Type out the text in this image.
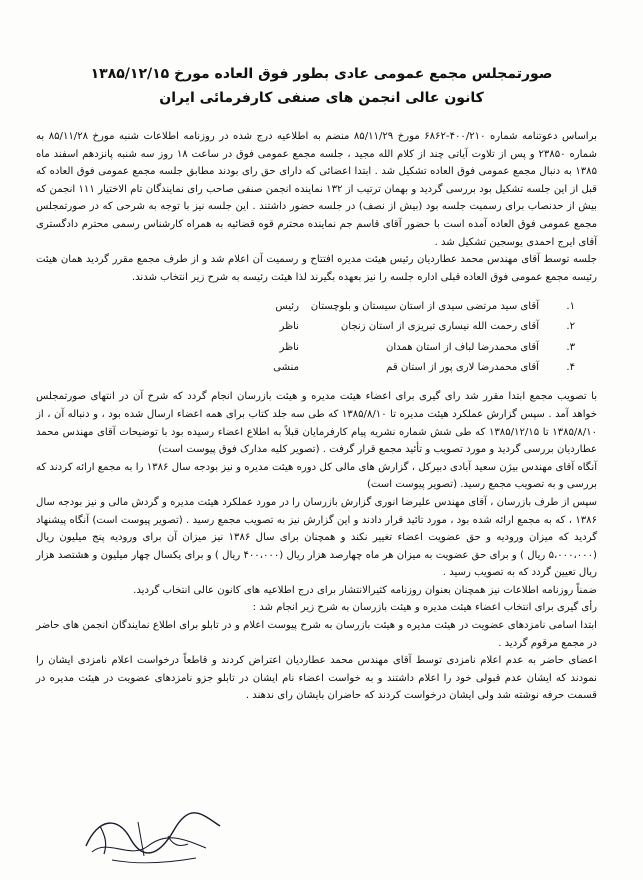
صورتمجلس مجمع عمومی عادی بطور فوق العاده مورخ ۱۳۸۵/۱۲/۱۵
کانون عالی انجمن های صنفی کارفرمائی ایران

براساس دعوتنامه شماره ۴۰۰/۲۱۰-۶۸۶۲ مورخ ۸۵/۱۱/۲۹ منضم به اطلاعیه درج شده در روزنامه اطلاعات شنبه مورخ ۸۵/۱۱/۲۸ به شماره ۲۳۸۵۰ و پس از تلاوت آیاتی چند از کلام الله مجید ، جلسه مجمع عمومی فوق در ساعت ۱۸ روز سه شنبه پانزدهم اسفند ماه ۱۳۸۵ به دنبال مجمع عمومی فوق العاده تشکیل شد . ابتدا اعضائی که دارای حق رای بودند مطابق جلسه مجمع عمومی فوق العاده که قبل از این جلسه تشکیل بود بررسی گردید و بهمان ترتیب از ۱۳۲ نماینده انجمن صنفی صاحب رای نمایندگان تام الاختیار ۱۱۱ انجمن که بیش از حدنصاب برای رسمیت جلسه بود (بیش از نصف) در جلسه حضور داشتند . این جلسه نیز با توجه به شرحی که در صورتمجلس مجمع عمومی فوق العاده آمده است با حضور آقای قاسم جم نماینده محترم قوه قضائیه به همراه کارشناس رسمی محترم دادگستری آقای ایرج احمدی یوسجین تشکیل شد .

جلسه توسط آقای مهندس محمد عطاردیان رئیس هیئت مدیره افتتاح و رسمیت آن اعلام شد و از طرف مجمع مقرر گردید همان هیئت رئیسه مجمع عمومی فوق العاده قبلی اداره جلسه را نیز بعهده بگیرند لذا هیئت رئیسه به شرح زیر انتخاب شدند.

۱.
آقای سید مرتضی سیدی از استان سیستان و بلوچستان
رئیس
۲.
آقای رحمت الله نیساری تبریزی از استان زنجان
ناظر
۳.
آقای محمدرضا لباف از استان همدان
ناظر
۴.
آقای محمدرضا لاری پور از استان قم
منشی

با تصویب مجمع ابتدا مقرر شد رای گیری برای اعضاء هیئت مدیره و هیئت بازرسان انجام گردد که شرح آن در انتهای صورتمجلس خواهد آمد . سپس گزارش عملکرد هیئت مدیره تا ۱۳۸۵/۸/۱۰ که طی سه جلد کتاب برای همه اعضاء ارسال شده بود ، و دنباله آن ، از ۱۳۸۵/۸/۱۰ تا ۱۳۸۵/۱۲/۱۵ که طی شش شماره نشریه پیام کارفرمایان قبلاً به اطلاع اعضاء رسیده بود با توضیحات آقای مهندس محمد عطاردیان بررسی گردید و مورد تصویب و تأئید مجمع قرار گرفت . (تصویر کلیه مدارک فوق پیوست است)

آنگاه آقای مهندس بیژن سعید آبادی دبیرکل ، گزارش های مالی کل دوره هیئت مدیره و نیز بودجه سال ۱۳۸۶ را به مجمع ارائه کردند که بررسی و به تصویب مجمع رسید. (تصویر پیوست است)

سپس از طرف بازرسان ، آقای مهندس علیرضا انوری گزارش بازرسان را در مورد عملکرد هیئت مدیره و گردش مالی و نیز بودجه سال ۱۳۸۶ ، که به مجمع ارائه شده بود ، مورد تائید قرار دادند و این گزارش نیز به تصویب مجمع رسید . (تصویر پیوست است) آنگاه پیشنهاد گردید که میزان ورودیه و حق عضویت اعضاء تغییر نکند و همچنان برای سال ۱۳۸۶ نیز میزان آن برای ورودیه پنج میلیون ریال (۵،۰۰۰،۰۰۰ ریال ) و برای حق عضویت به میزان هر ماه چهارصد هزار ریال (۴۰۰،۰۰۰ ریال ) و برای یکسال چهار میلیون و هشتصد هزار ریال تعیین گردد که به تصویب رسید .

ضمناً روزنامه اطلاعات نیز همچنان بعنوان روزنامه کثیرالانتشار برای درج اطلاعیه های کانون عالی انتخاب گردید.

رأی گیری برای انتخاب اعضاء هیئت مدیره و هیئت بازرسان به شرح زیر انجام شد :

ابتدا اسامی نامزدهای عضویت در هیئت مدیره و هیئت بازرسان به شرح پیوست اعلام و در تابلو برای اطلاع نمایندگان انجمن های حاضر در مجمع مرقوم گردید .

اعضای حاضر به عدم اعلام نامزدی توسط آقای مهندس محمد عطاردیان اعتراض کردند و قاطعاً درخواست اعلام نامزدی ایشان را نمودند که ایشان عدم قبولی خود را اعلام داشتند و به خواست اعضاء نام ایشان در تابلو جزو نامزدهای عضویت در هیئت مدیره در قسمت حرفه نوشته شد ولی ایشان درخواست کردند که حاضران بایشان رای ندهند .
